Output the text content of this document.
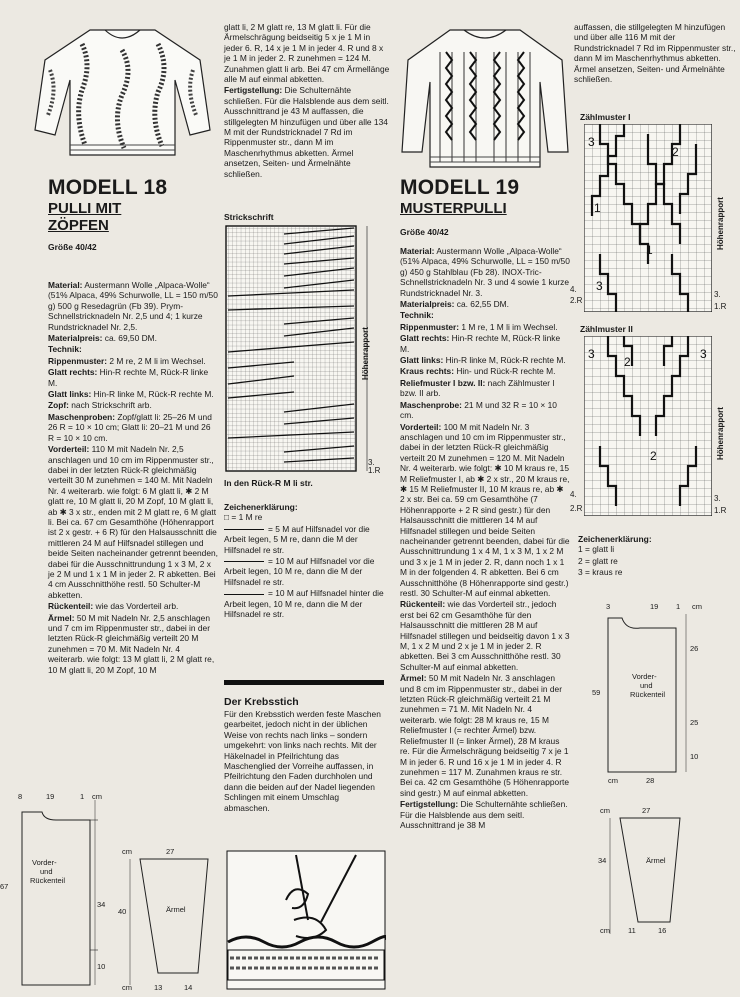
MODELL 18
PULLI MIT
ZÖPFEN
Größe 40/42

Material: Austermann Wolle „Alpaca-Wolle“ (51% Alpaca, 49% Schurwolle, LL = 150 m/50 g) 500 g Resedagrün (Fb 39). Prym-Schnellstricknadeln Nr. 2,5 und 4; 1 kurze Rundstricknadel Nr. 2,5.

Materialpreis: ca. 69,50 DM.

Technik:

Rippenmuster: 2 M re, 2 M li im Wechsel.

Glatt rechts: Hin-R rechte M, Rück-R linke M.

Glatt links: Hin-R linke M, Rück-R rechte M.

Zopf: nach Strickschrift arb.

Maschenproben: Zopf/glatt li: 25–26 M und 26 R = 10 × 10 cm; Glatt li: 20–21 M und 26 R = 10 × 10 cm.

Vorderteil: 110 M mit Nadeln Nr. 2,5 anschlagen und 10 cm im Rippenmuster str., dabei in der letzten Rück-R gleichmäßig verteilt 30 M zunehmen = 140 M. Mit Nadeln Nr. 4 weiterarb. wie folgt: 6 M glatt li, ✱ 2 M glatt re, 10 M glatt li, 20 M Zopf, 10 M glatt li, ab ✱ 3 x str., enden mit 2 M glatt re, 6 M glatt li. Bei ca. 67 cm Gesamthöhe (Höhenrapport ist 2 x gestr. + 6 R) für den Halsausschnitt die mittleren 24 M auf Hilfsnadel stillegen und beide Seiten nacheinander getrennt beenden, dabei für die Ausschnittrundung 1 x 3 M, 2 x je 2 M und 1 x 1 M in jeder 2. R abketten. Bei 4 cm Ausschnitthöhe restl. 50 Schulter-M abketten.

Rückenteil: wie das Vorderteil arb.

Ärmel: 50 M mit Nadeln Nr. 2,5 anschlagen und 7 cm im Rippenmuster str., dabei in der letzten Rück-R gleichmäßig verteilt 20 M zunehmen = 70 M. Mit Nadeln Nr. 4 weiterarb. wie folgt: 13 M glatt li, 2 M glatt re, 10 M glatt li, 20 M Zopf, 10 M

8	19	1 cm
Vorder-
und
Rückenteil
67
34
10
cm	27
Ärmel
40
cm	13	14

glatt li, 2 M glatt re, 13 M glatt li. Für die Ärmelschrägung beidseitig 5 x je 1 M in jeder 6. R, 14 x je 1 M in jeder 4. R und 8 x je 1 M in jeder 2. R zunehmen = 124 M. Zunahmen glatt li arb. Bei 47 cm Ärmellänge alle M auf einmal abketten.

Fertigstellung: Die Schulternähte schließen. Für die Halsblende aus dem seitl. Ausschnittrand je 43 M auffassen, die stillgelegten M hinzufügen und über alle 134 M mit der Rundstricknadel 7 Rd im Rippenmuster str., dann M im Maschenrhythmus abketten. Ärmel ansetzen, Seiten- und Ärmelnähte schließen.

Strickschrift
Höhenrapport
3.
1.R
In den Rück-R M li str.
Zeichenerklärung:

□ = 1 M re

= 5 M auf Hilfsnadel vor die Arbeit legen, 5 M re, dann die M der Hilfsnadel re str.

= 10 M auf Hilfsnadel vor die Arbeit legen, 10 M re, dann die M der Hilfsnadel re str.

= 10 M auf Hilfsnadel hinter die Arbeit legen, 10 M re, dann die M der Hilfsnadel re str.

Der Krebsstich

Für den Krebsstich werden feste Maschen gearbeitet, jedoch nicht in der üblichen Weise von rechts nach links – sondern umgekehrt: von links nach rechts. Mit der Häkelnadel in Pfeilrichtung das Maschenglied der Vorreihe auffassen, in Pfeilrichtung den Faden durchholen und dann die beiden auf der Nadel liegenden Schlingen mit einem Umschlag abmaschen.

MODELL 19
MUSTERPULLI
Größe 40/42

Material: Austermann Wolle „Alpaca-Wolle“ (51% Alpaca, 49% Schurwolle, LL = 150 m/50 g) 450 g Stahlblau (Fb 28). INOX-Tric-Schnellstricknadeln Nr. 3 und 4 sowie 1 kurze Rundstricknadel Nr. 3.

Materialpreis: ca. 62,55 DM.

Technik:

Rippenmuster: 1 M re, 1 M li im Wechsel.

Glatt rechts: Hin-R rechte M, Rück-R linke M.

Glatt links: Hin-R linke M, Rück-R rechte M.

Kraus rechts: Hin- und Rück-R rechte M.

Reliefmuster I bzw. II: nach Zählmuster I bzw. II arb.

Maschenprobe: 21 M und 32 R = 10 × 10 cm.

Vorderteil: 100 M mit Nadeln Nr. 3 anschlagen und 10 cm im Rippenmuster str., dabei in der letzten Rück-R gleichmäßig verteilt 20 M zunehmen = 120 M. Mit Nadeln Nr. 4 weiterarb. wie folgt: ✱ 10 M kraus re, 15 M Reliefmuster I, ab ✱ 2 x str., 20 M kraus re, ✱ 15 M Reliefmuster II, 10 M kraus re, ab ✱ 2 x str. Bei ca. 59 cm Gesamthöhe (7 Höhenrapporte + 2 R sind gestr.) für den Halsausschnitt die mittleren 14 M auf Hilfsnadel stillegen und beide Seiten nacheinander getrennt beenden, dabei für die Ausschnittrundung 1 x 4 M, 1 x 3 M, 1 x 2 M und 3 x je 1 M in jeder 2. R, dann noch 1 x 1 M in der folgenden 4. R abketten. Bei 6 cm Ausschnitthöhe (8 Höhenrapporte sind gestr.) restl. 30 Schulter-M auf einmal abketten.

Rückenteil: wie das Vorderteil str., jedoch erst bei 62 cm Gesamthöhe für den Halsausschnitt die mittleren 28 M auf Hilfsnadel stillegen und beidseitig davon 1 x 3 M, 1 x 2 M und 2 x je 1 M in jeder 2. R abketten. Bei 3 cm Ausschnitthöhe restl. 30 Schulter-M auf einmal abketten.

Ärmel: 50 M mit Nadeln Nr. 3 anschlagen und 8 cm im Rippenmuster str., dabei in der letzten Rück-R gleichmäßig verteilt 21 M zunehmen = 71 M. Mit Nadeln Nr. 4 weiterarb. wie folgt: 28 M kraus re, 15 M Reliefmuster I (= rechter Ärmel) bzw. Reliefmuster II (= linker Ärmel), 28 M kraus re. Für die Ärmelschrägung beidseitig 7 x je 1 M in jeder 6. R und 16 x je 1 M in jeder 4. R zunehmen = 117 M. Zunahmen kraus re str. Bei ca. 42 cm Gesamthöhe (5 Höhenrapporte sind gestr.) M auf einmal abketten.

Fertigstellung: Die Schulternähte schließen. Für die Halsblende aus dem seitl. Ausschnittrand je 38 M

auffassen, die stillgelegten M hinzufügen und über alle 116 M mit der Rundstricknadel 7 Rd im Rippenmuster str., dann M im Maschenrhythmus abketten. Ärmel ansetzen, Seiten- und Ärmelnähte schließen.
Zählmuster I
3
2
1
1
3
Höhenrapport
4.
2.R
3.
1.R
Zählmuster II
3
2
3
2	Höhenrapport
4.
2.R
3.
1.R
Zeichenerklärung:

1 = glatt li

2 = glatt re

3 = kraus re

3	19 1 cm
Vorder-
und
Rückenteil
59
26
25
10
cm	28
cm	27
Ärmel
34
cm 11	16
